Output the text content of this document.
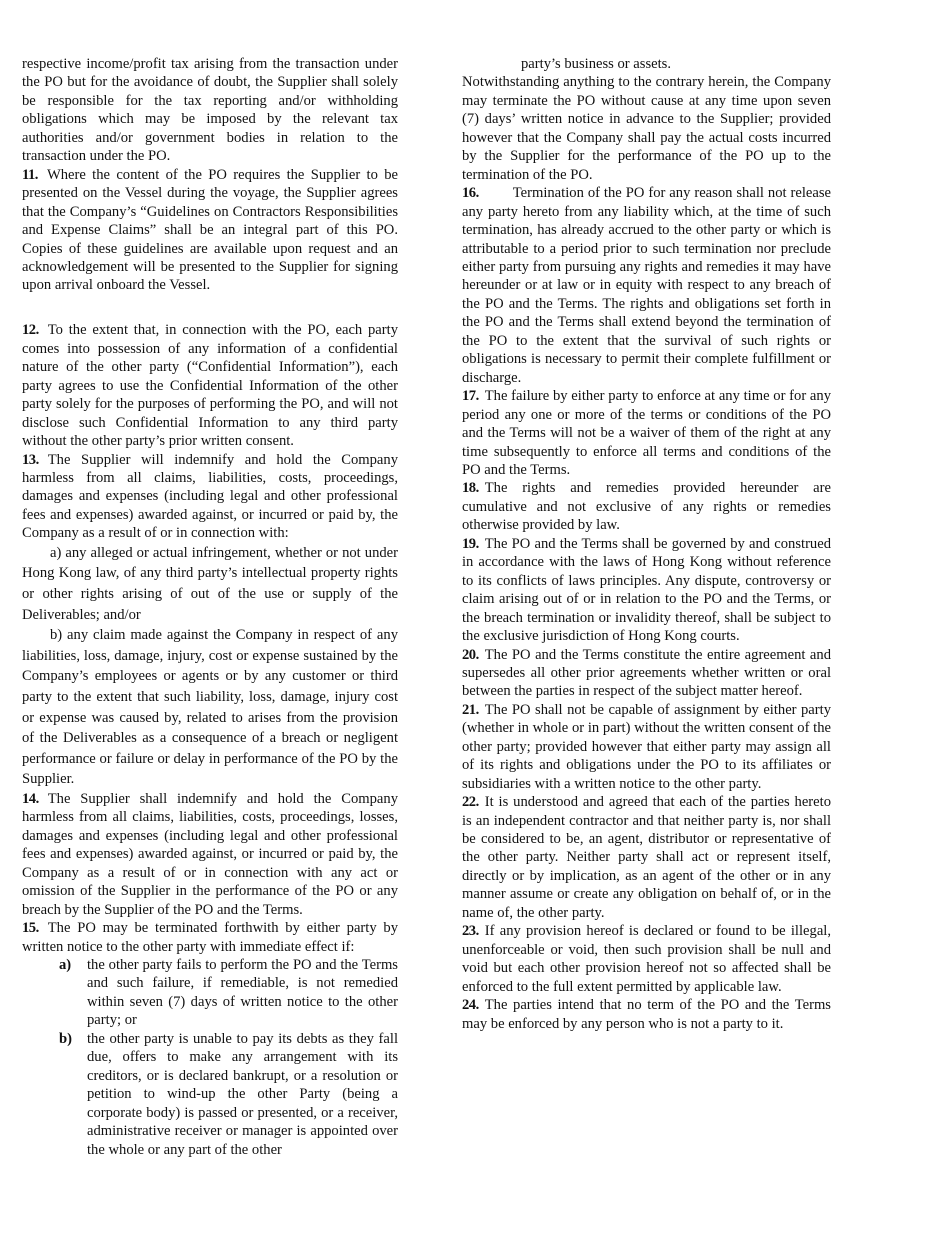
respective income/profit tax arising from the transaction under the PO but for the avoidance of doubt, the Supplier shall solely be responsible for the tax reporting and/or withholding obligations which may be imposed by the relevant tax authorities and/or government bodies in relation to the transaction under the PO.

11. Where the content of the PO requires the Supplier to be presented on the Vessel during the voyage, the Supplier agrees that the Company’s “Guidelines on Contractors Responsibilities and Expense Claims” shall be an integral part of this PO. Copies of these guidelines are available upon request and an acknowledgement will be presented to the Supplier for signing upon arrival onboard the Vessel.

12. To the extent that, in connection with the PO, each party comes into possession of any information of a confidential nature of the other party (“Confidential Information”), each party agrees to use the Confidential Information of the other party solely for the purposes of performing the PO, and will not disclose such Confidential Information to any third party without the other party’s prior written consent.

13. The Supplier will indemnify and hold the Company harmless from all claims, liabilities, costs, proceedings, damages and expenses (including legal and other professional fees and expenses) awarded against, or incurred or paid by, the Company as a result of or in connection with:

a) any alleged or actual infringement, whether or not under Hong Kong law, of any third party’s intellectual property rights or other rights arising of out of the use or supply of the Deliverables; and/or

b) any claim made against the Company in respect of any liabilities, loss, damage, injury, cost or expense sustained by the Company’s employees or agents or by any customer or third party to the extent that such liability, loss, damage, injury cost or expense was caused by, related to arises from the provision of the Deliverables as a consequence of a breach or negligent performance or failure or delay in performance of the PO by the Supplier.

14. The Supplier shall indemnify and hold the Company harmless from all claims, liabilities, costs, proceedings, losses, damages and expenses (including legal and other professional fees and expenses) awarded against, or incurred or paid by, the Company as a result of or in connection with any act or omission of the Supplier in the performance of the PO or any breach by the Supplier of the PO and the Terms.

15. The PO may be terminated forthwith by either party by written notice to the other party with immediate effect if:

a)	the other party fails to perform the PO and the Terms and such failure, if remediable, is not remedied within seven (7) days of written notice to the other party; or

b)	the other party is unable to pay its debts as they fall due, offers to make any arrangement with its creditors, or is declared bankrupt, or a resolution or petition to wind-up the other Party (being a corporate body) is passed or presented, or a receiver, administrative receiver or manager is appointed over the whole or any part of the other

party’s business or assets.

Notwithstanding anything to the contrary herein, the Company may terminate the PO without cause at any time upon seven (7) days’ written notice in advance to the Supplier; provided however that the Company shall pay the actual costs incurred by the Supplier for the performance of the PO up to the termination of the PO.

16. Termination of the PO for any reason shall not release any party hereto from any liability which, at the time of such termination, has already accrued to the other party or which is attributable to a period prior to such termination nor preclude either party from pursuing any rights and remedies it may have hereunder or at law or in equity with respect to any breach of the PO and the Terms. The rights and obligations set forth in the PO and the Terms shall extend beyond the termination of the PO to the extent that the survival of such rights or obligations is necessary to permit their complete fulfillment or discharge.

17. The failure by either party to enforce at any time or for any period any one or more of the terms or conditions of the PO and the Terms will not be a waiver of them of the right at any time subsequently to enforce all terms and conditions of the PO and the Terms.

18. The rights and remedies provided hereunder are cumulative and not exclusive of any rights or remedies otherwise provided by law.

19. The PO and the Terms shall be governed by and construed in accordance with the laws of Hong Kong without reference to its conflicts of laws principles. Any dispute, controversy or claim arising out of or in relation to the PO and the Terms, or the breach termination or invalidity thereof, shall be subject to the exclusive jurisdiction of Hong Kong courts.

20. The PO and the Terms constitute the entire agreement and supersedes all other prior agreements whether written or oral between the parties in respect of the subject matter hereof.

21. The PO shall not be capable of assignment by either party (whether in whole or in part) without the written consent of the other party; provided however that either party may assign all of its rights and obligations under the PO to its affiliates or subsidiaries with a written notice to the other party.

22. It is understood and agreed that each of the parties hereto is an independent contractor and that neither party is, nor shall be considered to be, an agent, distributor or representative of the other party. Neither party shall act or represent itself, directly or by implication, as an agent of the other or in any manner assume or create any obligation on behalf of, or in the name of, the other party.

23. If any provision hereof is declared or found to be illegal, unenforceable or void, then such provision shall be null and void but each other provision hereof not so affected shall be enforced to the full extent permitted by applicable law.

24. The parties intend that no term of the PO and the Terms may be enforced by any person who is not a party to it.
